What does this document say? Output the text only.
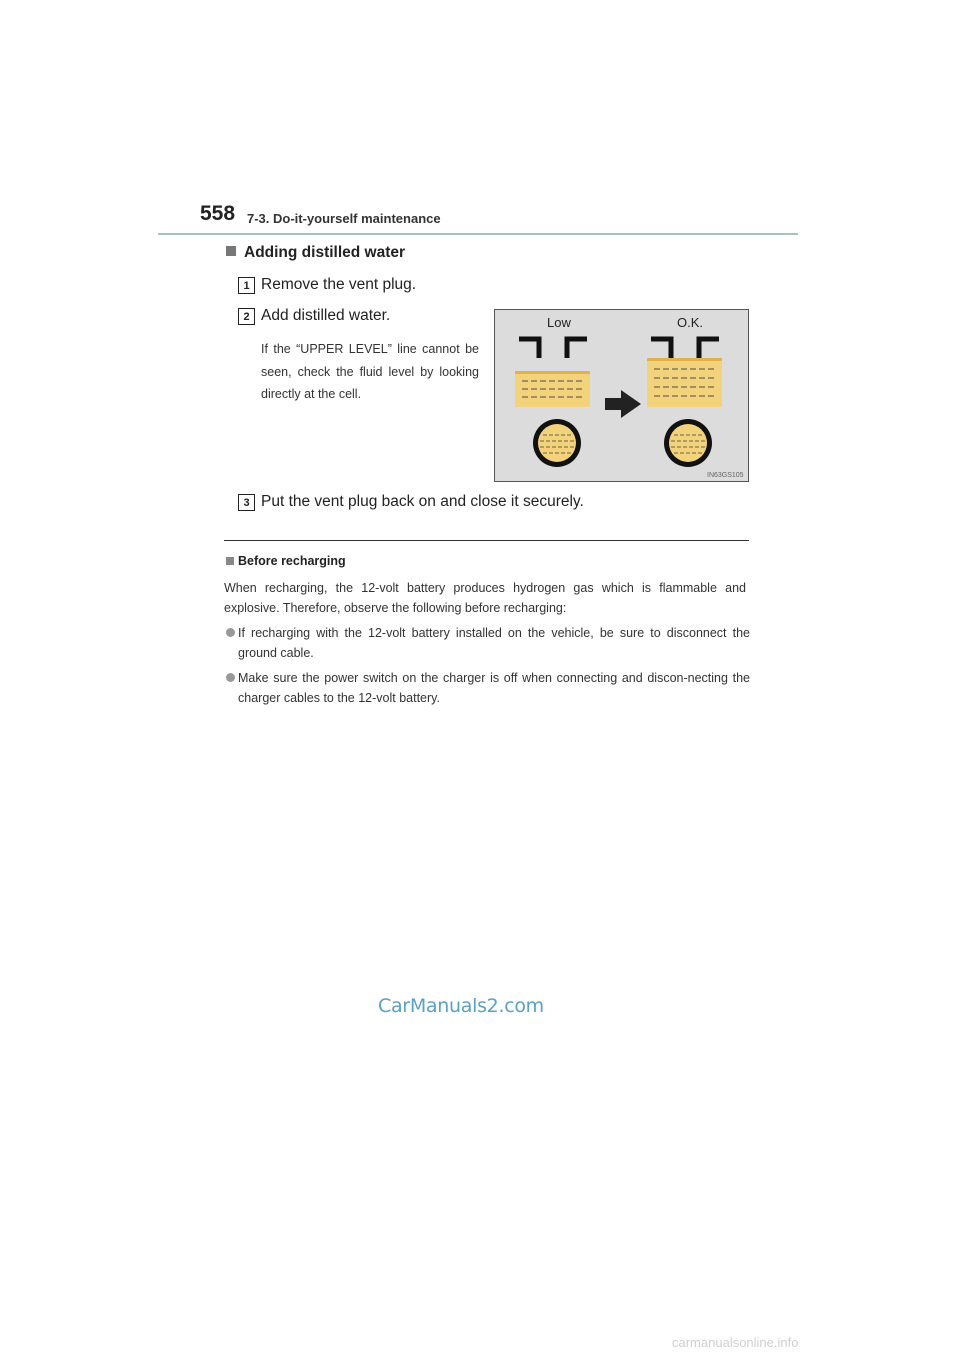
558 7-3. Do-it-yourself maintenance
Adding distilled water
1 Remove the vent plug.
2 Add distilled water.
If the “UPPER LEVEL” line cannot be seen, check the fluid level by looking directly at the cell.
Low	O.K.
IN63GS105
3 Put the vent plug back on and close it securely.
Before recharging
When recharging, the 12-volt battery produces hydrogen gas which is flammable and explosive. Therefore, observe the following before recharging:
If recharging with the 12-volt battery installed on the vehicle, be sure to disconnect the ground cable.
Make sure the power switch on the charger is off when connecting and discon-necting the charger cables to the 12-volt battery.
CarManuals2.com
carmanualsonline.info
